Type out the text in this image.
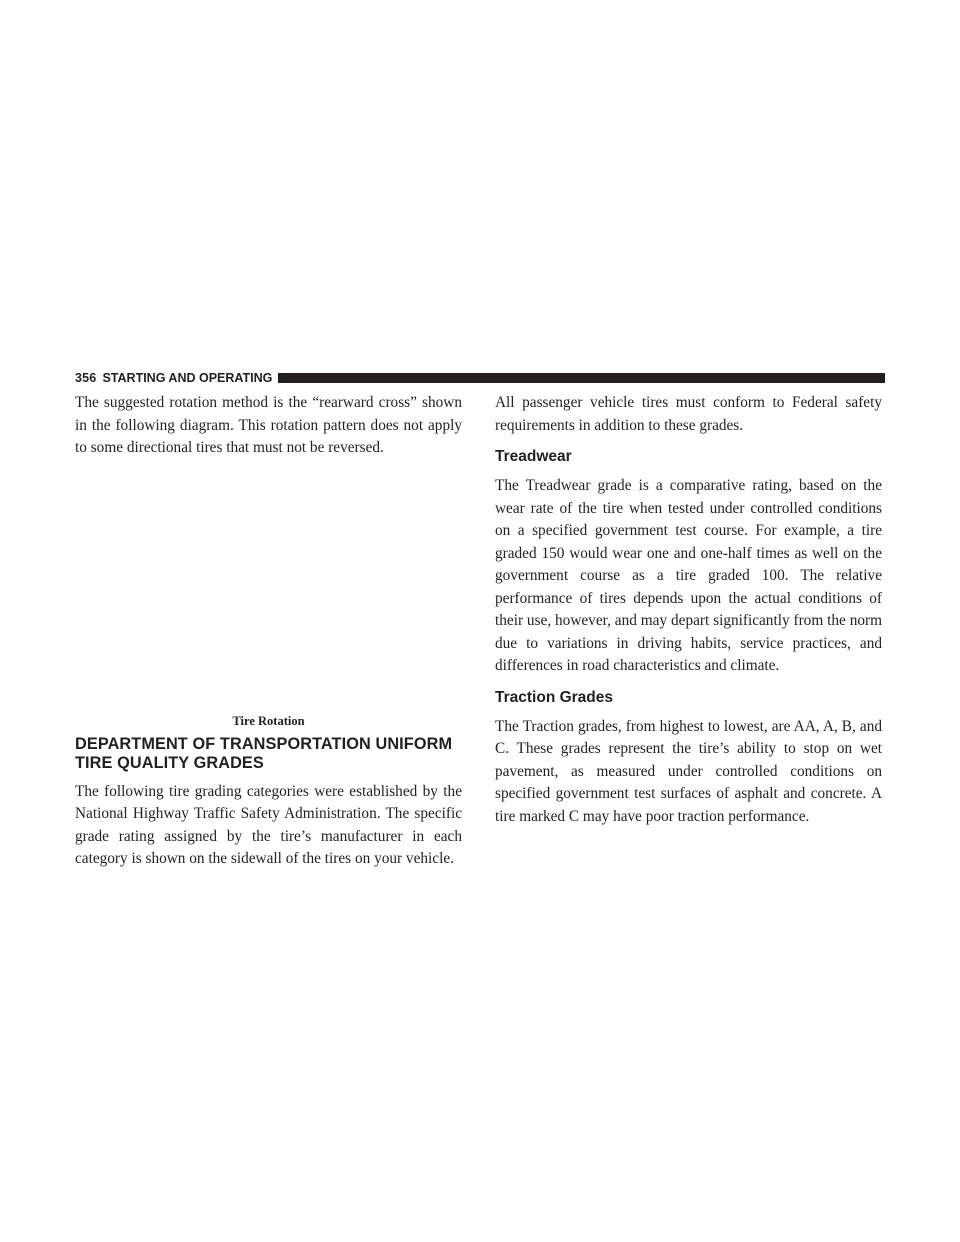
356 STARTING AND OPERATING

The suggested rotation method is the “rearward cross” shown in the following diagram. This rotation pattern does not apply to some directional tires that must not be reversed.

Tire Rotation
DEPARTMENT OF TRANSPORTATION UNIFORM TIRE QUALITY GRADES

The following tire grading categories were established by the National Highway Traffic Safety Administration. The specific grade rating assigned by the tire’s manufacturer in each category is shown on the sidewall of the tires on your vehicle.

All passenger vehicle tires must conform to Federal safety requirements in addition to these grades.

Treadwear

The Treadwear grade is a comparative rating, based on the wear rate of the tire when tested under controlled conditions on a specified government test course. For example, a tire graded 150 would wear one and one-half times as well on the government course as a tire graded 100. The relative performance of tires depends upon the actual conditions of their use, however, and may depart significantly from the norm due to variations in driving habits, service practices, and differences in road characteristics and climate.

Traction Grades

The Traction grades, from highest to lowest, are AA, A, B, and C. These grades represent the tire’s ability to stop on wet pavement, as measured under controlled conditions on specified government test surfaces of asphalt and concrete. A tire marked C may have poor traction performance.
